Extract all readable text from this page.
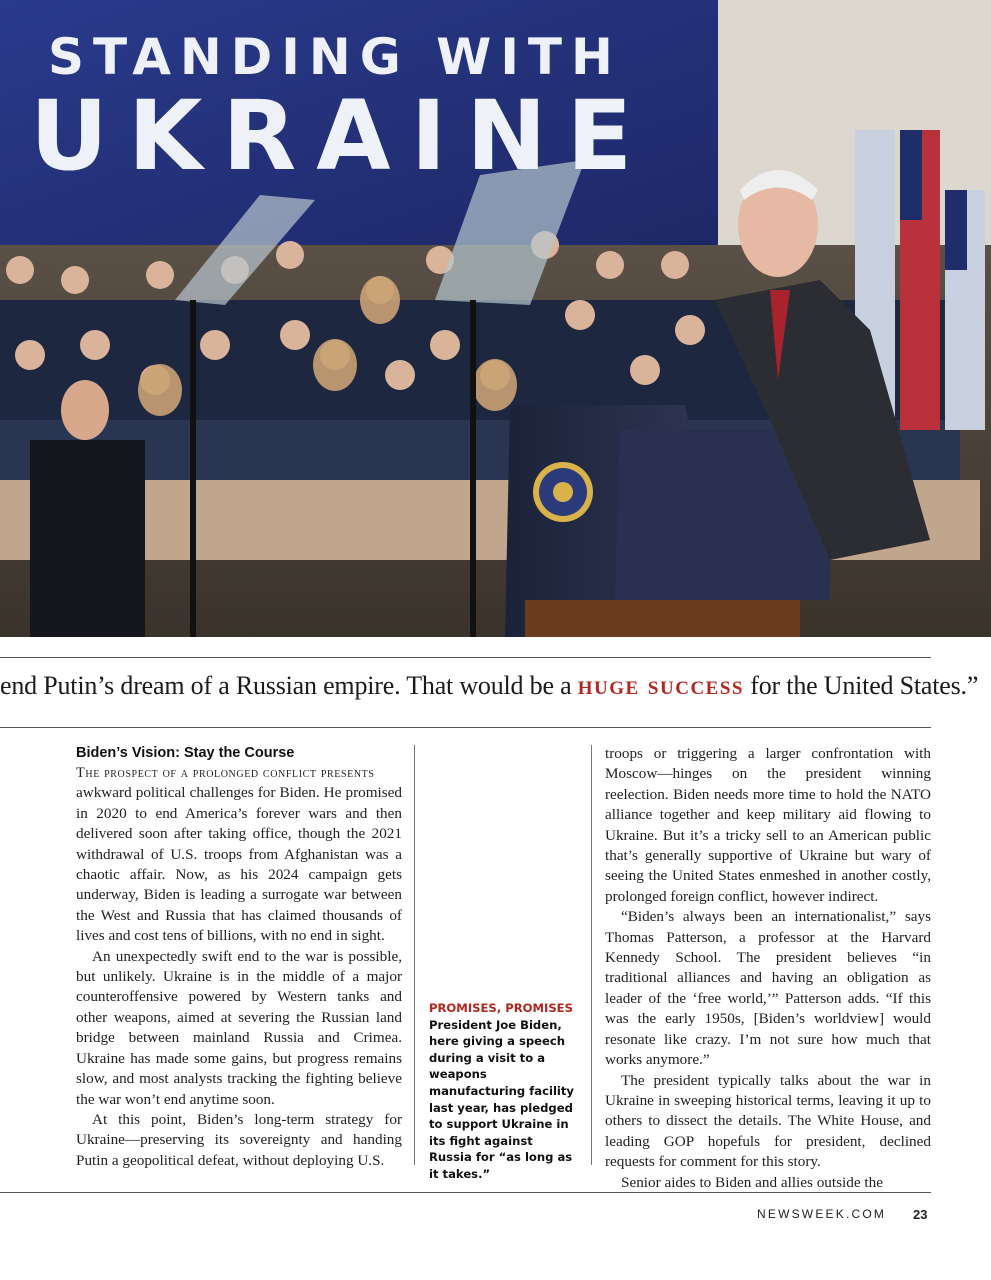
STANDING WITH
UKRAINE
end Putin’s dream of a Russian empire. That would be a huge success for the United States.”
Biden’s Vision: Stay the Course

The prospect of a prolonged conflict presents

awkward political challenges for Biden. He promised in 2020 to end America’s forever wars and then delivered soon after taking office, though the 2021 withdrawal of U.S. troops from Afghanistan was a chaotic affair. Now, as his 2024 campaign gets underway, Biden is leading a surrogate war between the West and Russia that has claimed thousands of lives and cost tens of billions, with no end in sight.

An unexpectedly swift end to the war is possible, but unlikely. Ukraine is in the middle of a major counteroffensive powered by Western tanks and other weapons, aimed at severing the Russian land bridge between mainland Russia and Crimea. Ukraine has made some gains, but progress remains slow, and most analysts tracking the fighting believe the war won’t end anytime soon.

At this point, Biden’s long-term strategy for Ukraine—preserving its sovereignty and handing Putin a geopolitical defeat, without deploying U.S.

PROMISES, PROMISES
President Joe Biden, here giving a speech during a visit to a weapons manufacturing facility last year, has pledged to support Ukraine in its fight against Russia for “as long as it takes.”

troops or triggering a larger confrontation with Moscow—hinges on the president winning reelection. Biden needs more time to hold the NATO alliance together and keep military aid flowing to Ukraine. But it’s a tricky sell to an American public that’s generally supportive of Ukraine but wary of seeing the United States enmeshed in another costly, prolonged foreign conflict, however indirect.

“Biden’s always been an internationalist,” says Thomas Patterson, a professor at the Harvard Kennedy School. The president believes “in traditional alliances and having an obligation as leader of the ‘free world,’” Patterson adds. “If this was the early 1950s, [Biden’s worldview] would resonate like crazy. I’m not sure how much that works anymore.”

The president typically talks about the war in Ukraine in sweeping historical terms, leaving it up to others to dissect the details. The White House, and leading GOP hopefuls for president, declined requests for comment for this story.

Senior aides to Biden and allies outside the

NEWSWEEK.COM 23
